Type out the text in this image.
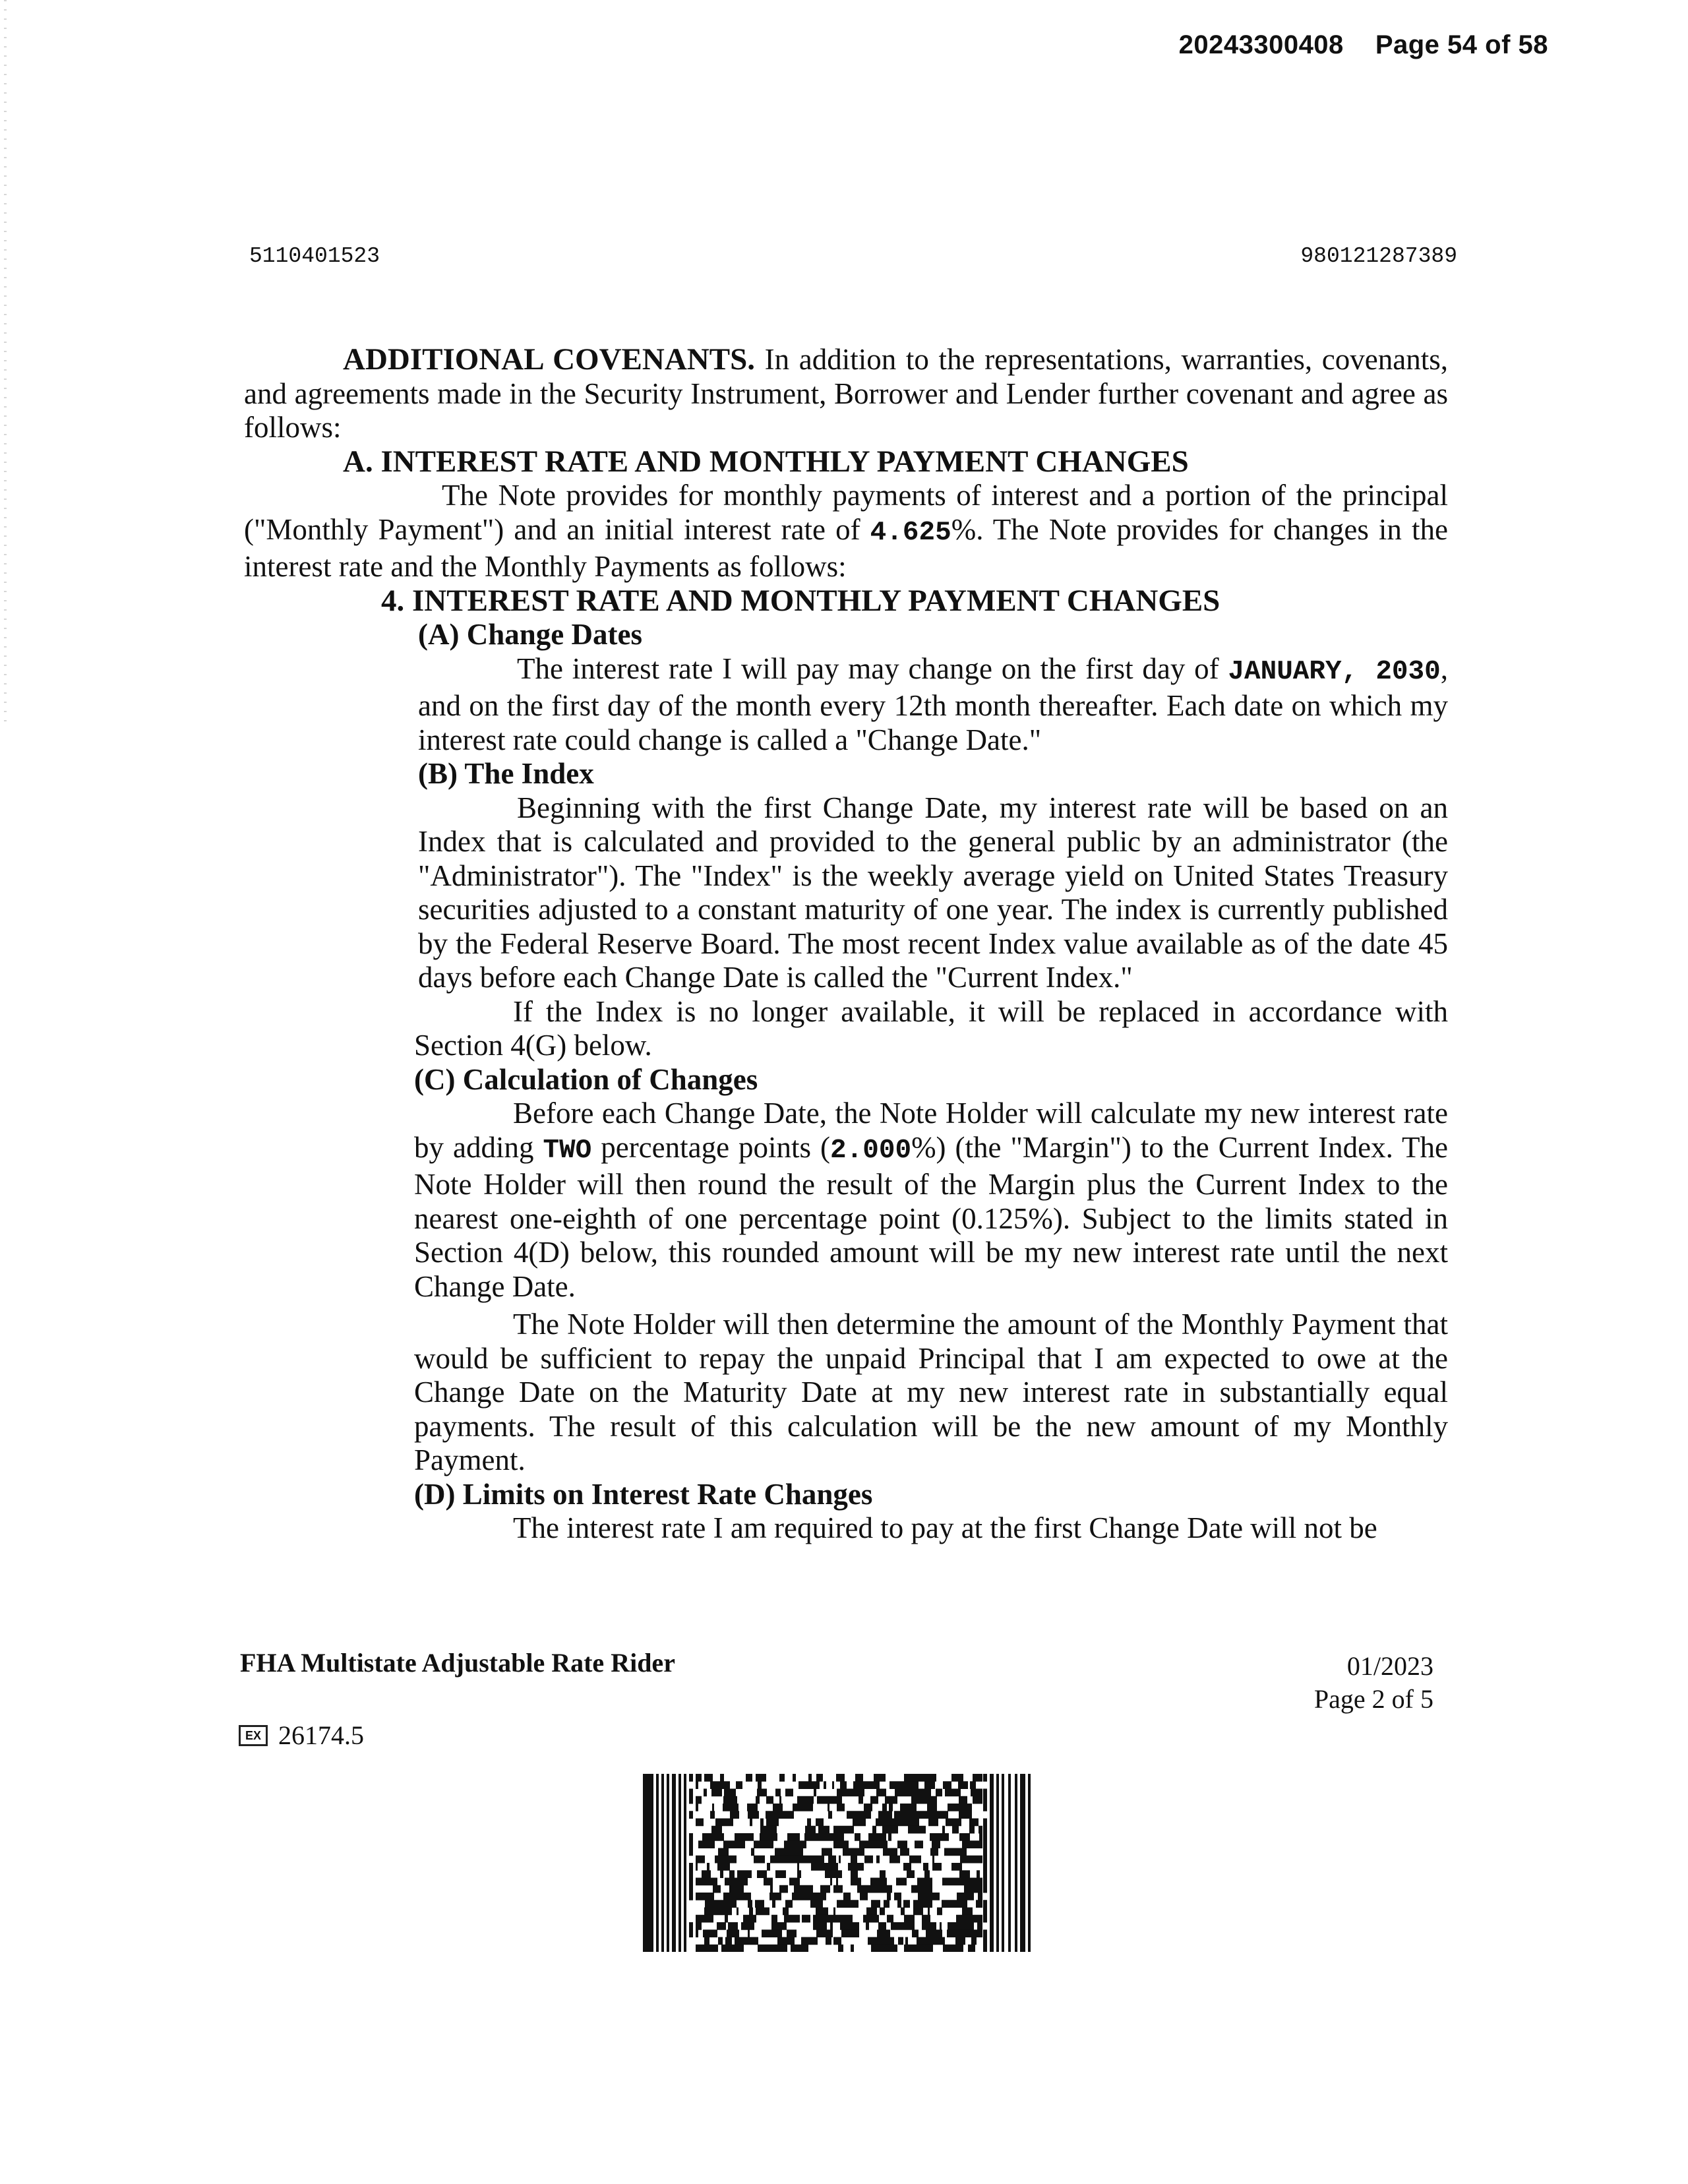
20243300408 Page 54 of 58
5110401523	980121287389

ADDITIONAL COVENANTS. In addition to the representations, warranties, covenants, and agreements made in the Security Instrument, Borrower and Lender further covenant and agree as follows:

A. INTEREST RATE AND MONTHLY PAYMENT CHANGES

The Note provides for monthly payments of interest and a portion of the principal ("Monthly Payment") and an initial interest rate of 4.625%. The Note provides for changes in the interest rate and the Monthly Payments as follows:

4. INTEREST RATE AND MONTHLY PAYMENT CHANGES

(A) Change Dates

The interest rate I will pay may change on the first day of JANUARY, 2030, and on the first day of the month every 12th month thereafter. Each date on which my interest rate could change is called a "Change Date."

(B) The Index

Beginning with the first Change Date, my interest rate will be based on an Index that is calculated and provided to the general public by an administrator (the "Administrator"). The "Index" is the weekly average yield on United States Treasury securities adjusted to a constant maturity of one year. The index is currently published by the Federal Reserve Board. The most recent Index value available as of the date 45 days before each Change Date is called the "Current Index."

If the Index is no longer available, it will be replaced in accordance with Section 4(G) below.

(C) Calculation of Changes

Before each Change Date, the Note Holder will calculate my new interest rate by adding TWO percentage points (2.000%) (the "Margin") to the Current Index. The Note Holder will then round the result of the Margin plus the Current Index to the nearest one-eighth of one percentage point (0.125%). Subject to the limits stated in Section 4(D) below, this rounded amount will be my new interest rate until the next Change Date.

The Note Holder will then determine the amount of the Monthly Payment that would be sufficient to repay the unpaid Principal that I am expected to owe at the Change Date on the Maturity Date at my new interest rate in substantially equal payments. The result of this calculation will be the new amount of my Monthly Payment.

(D) Limits on Interest Rate Changes

The interest rate I am required to pay at the first Change Date will not be

FHA Multistate Adjustable Rate Rider	01/2023
Page 2 of 5
EX 26174.5
